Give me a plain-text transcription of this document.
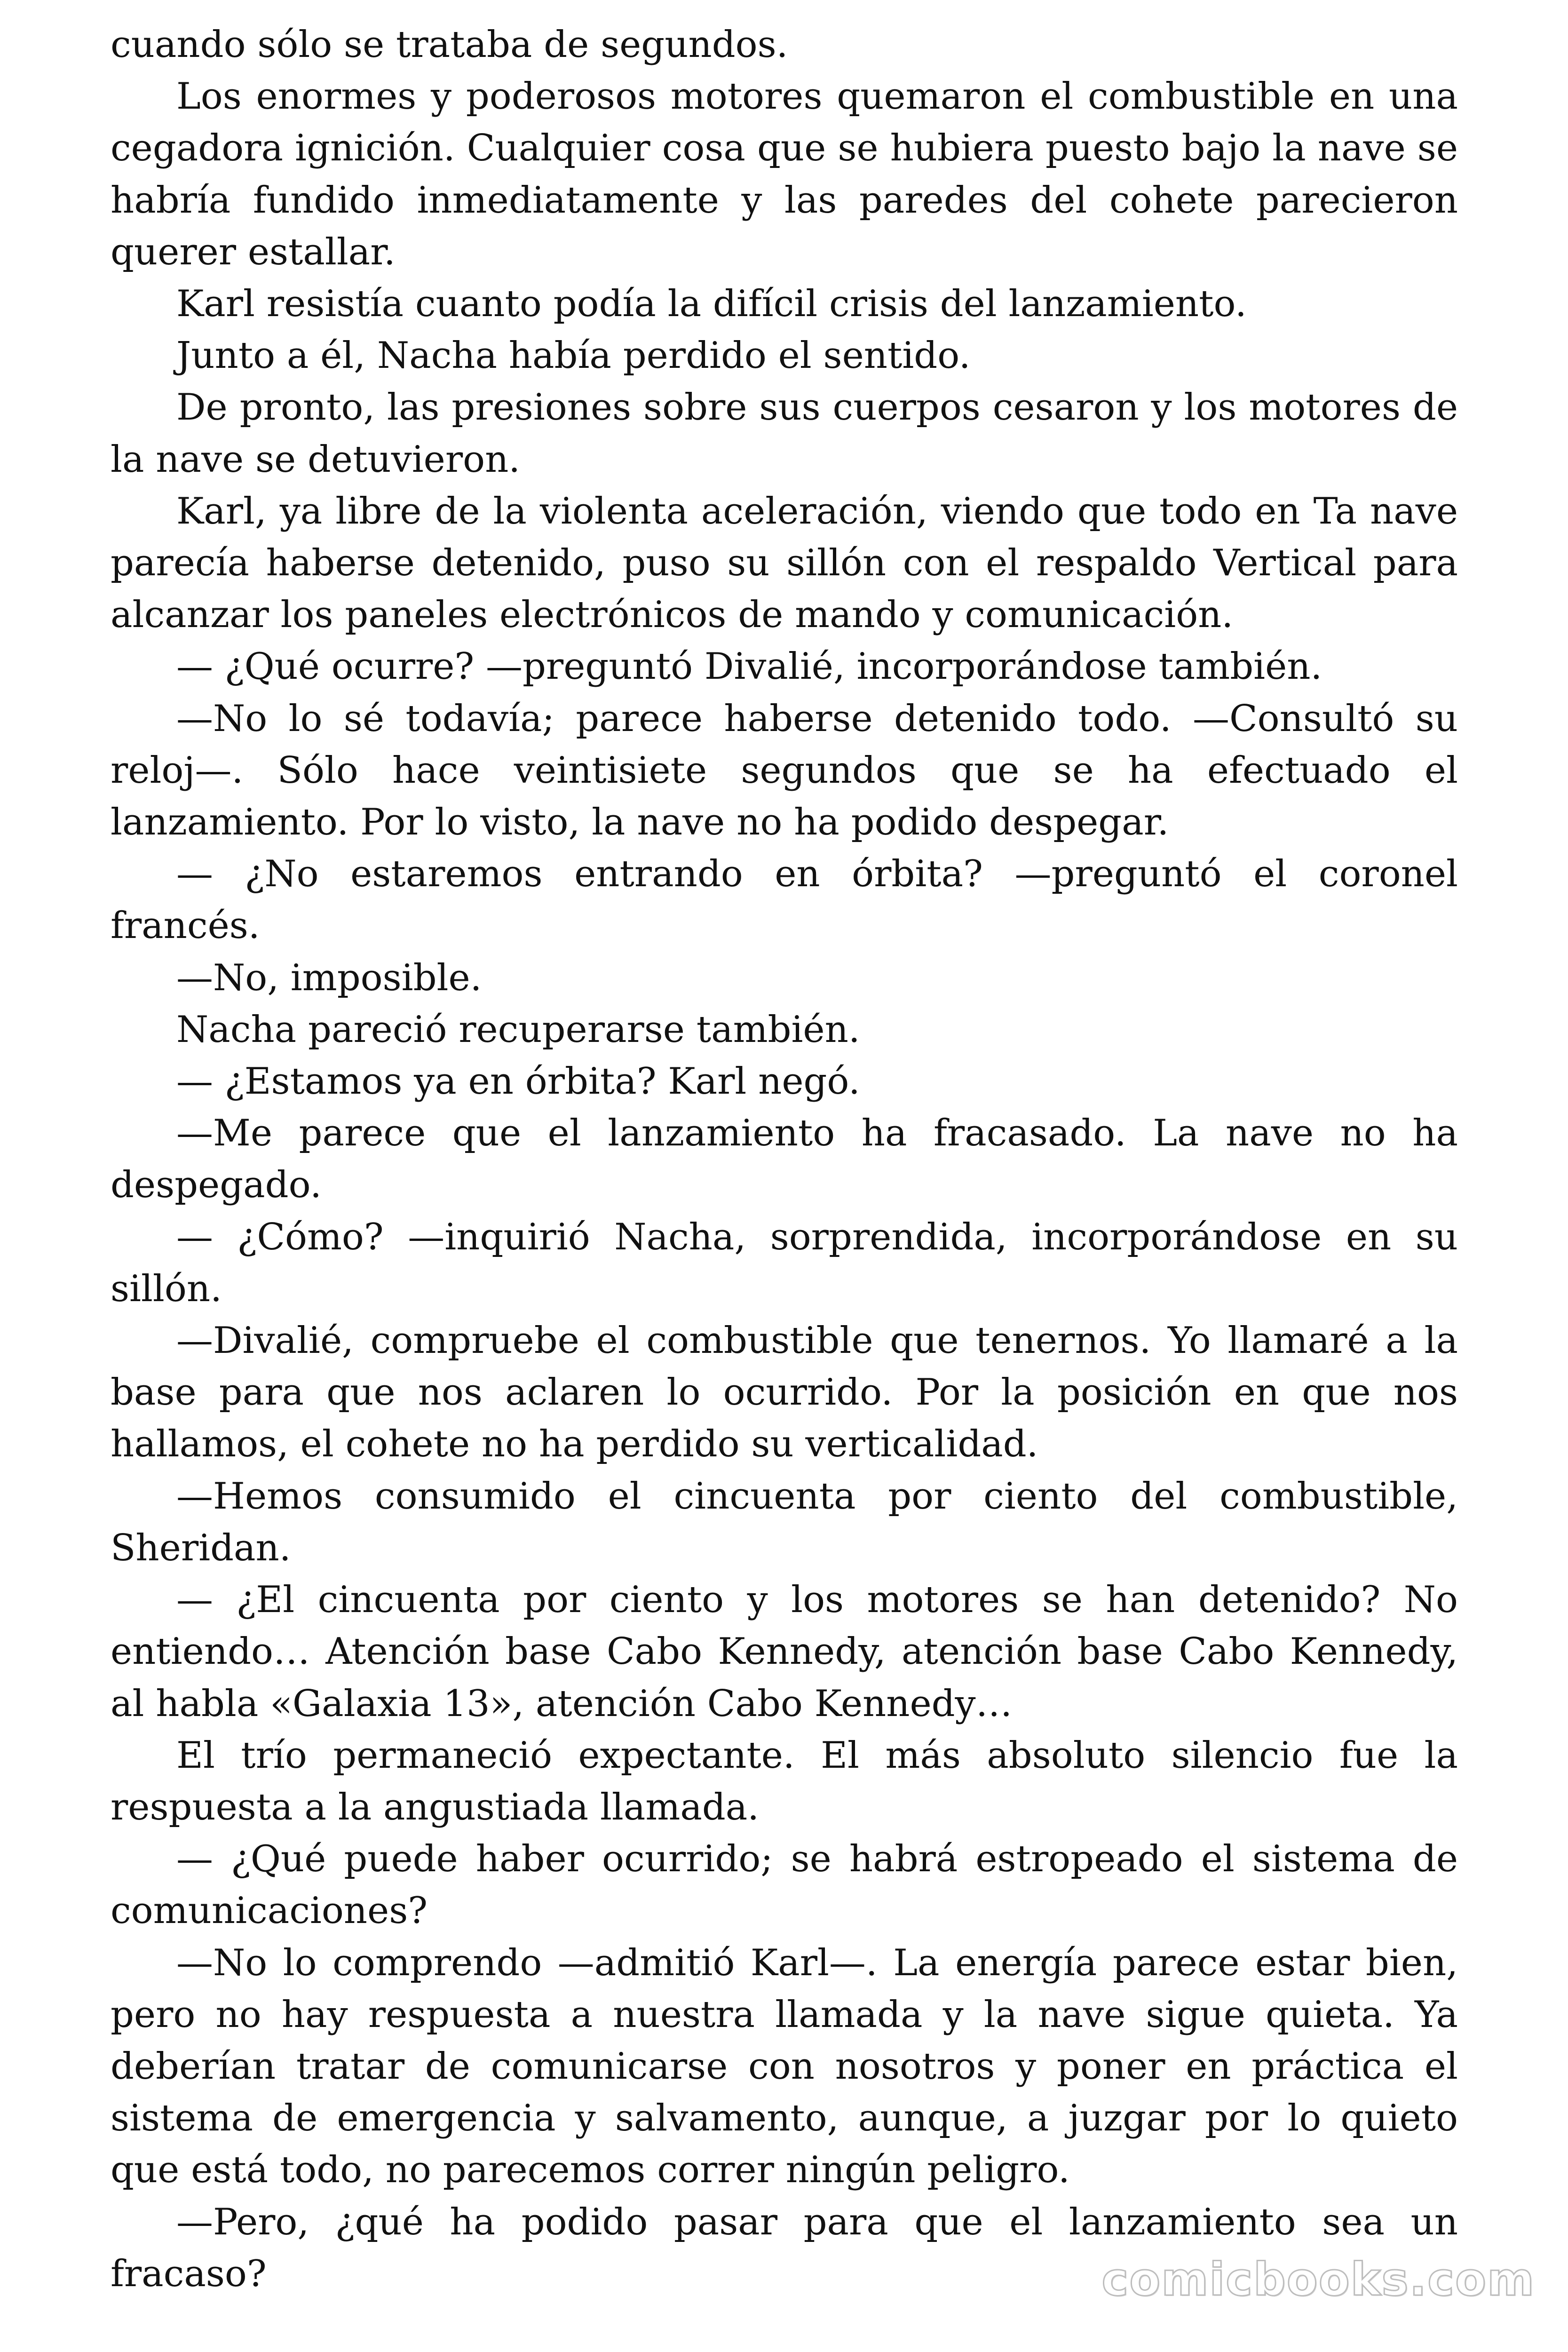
cuando sólo se trataba de segundos.

Los enormes y poderosos motores quemaron el combustible en una cegadora ignición. Cualquier cosa que se hubiera puesto bajo la nave se habría fundido inmediatamente y las paredes del cohete parecieron querer estallar.

Karl resistía cuanto podía la difícil crisis del lanzamiento.

Junto a él, Nacha había perdido el sentido.

De pronto, las presiones sobre sus cuerpos cesaron y los motores de la nave se detuvieron.

Karl, ya libre de la violenta aceleración, viendo que todo en Ta nave parecía haberse detenido, puso su sillón con el respaldo Vertical para alcanzar los paneles electrónicos de mando y comunicación.

— ¿Qué ocurre? —preguntó Divalié, incorporándose también.

—No lo sé todavía; parece haberse detenido todo. —Consultó su reloj—. Sólo hace veintisiete segundos que se ha efectuado el lanzamiento. Por lo visto, la nave no ha podido despegar.

— ¿No estaremos entrando en órbita? —preguntó el coronel francés.

—No, imposible.

Nacha pareció recuperarse también.

— ¿Estamos ya en órbita? Karl negó.

—Me parece que el lanzamiento ha fracasado. La nave no ha despegado.

— ¿Cómo? —inquirió Nacha, sorprendida, incorporándose en su sillón.

—Divalié, compruebe el combustible que tenernos. Yo llamaré a la base para que nos aclaren lo ocurrido. Por la posición en que nos hallamos, el cohete no ha perdido su verticalidad.

—Hemos consumido el cincuenta por ciento del combustible, Sheridan.

— ¿El cincuenta por ciento y los motores se han detenido? No entiendo… Atención base Cabo Kennedy, atención base Cabo Kennedy, al habla «Galaxia 13», atención Cabo Kennedy…

El trío permaneció expectante. El más absoluto silencio fue la respuesta a la angustiada llamada.

— ¿Qué puede haber ocurrido; se habrá estropeado el sistema de comunicaciones?

—No lo comprendo —admitió Karl—. La energía parece estar bien, pero no hay respuesta a nuestra llamada y la nave sigue quieta. Ya deberían tratar de comunicarse con nosotros y poner en práctica el sistema de emergencia y salvamento, aunque, a juzgar por lo quieto que está todo, no parecemos correr ningún peligro.

—Pero, ¿qué ha podido pasar para que el lanzamiento sea un fracaso?	comicbooks.com
